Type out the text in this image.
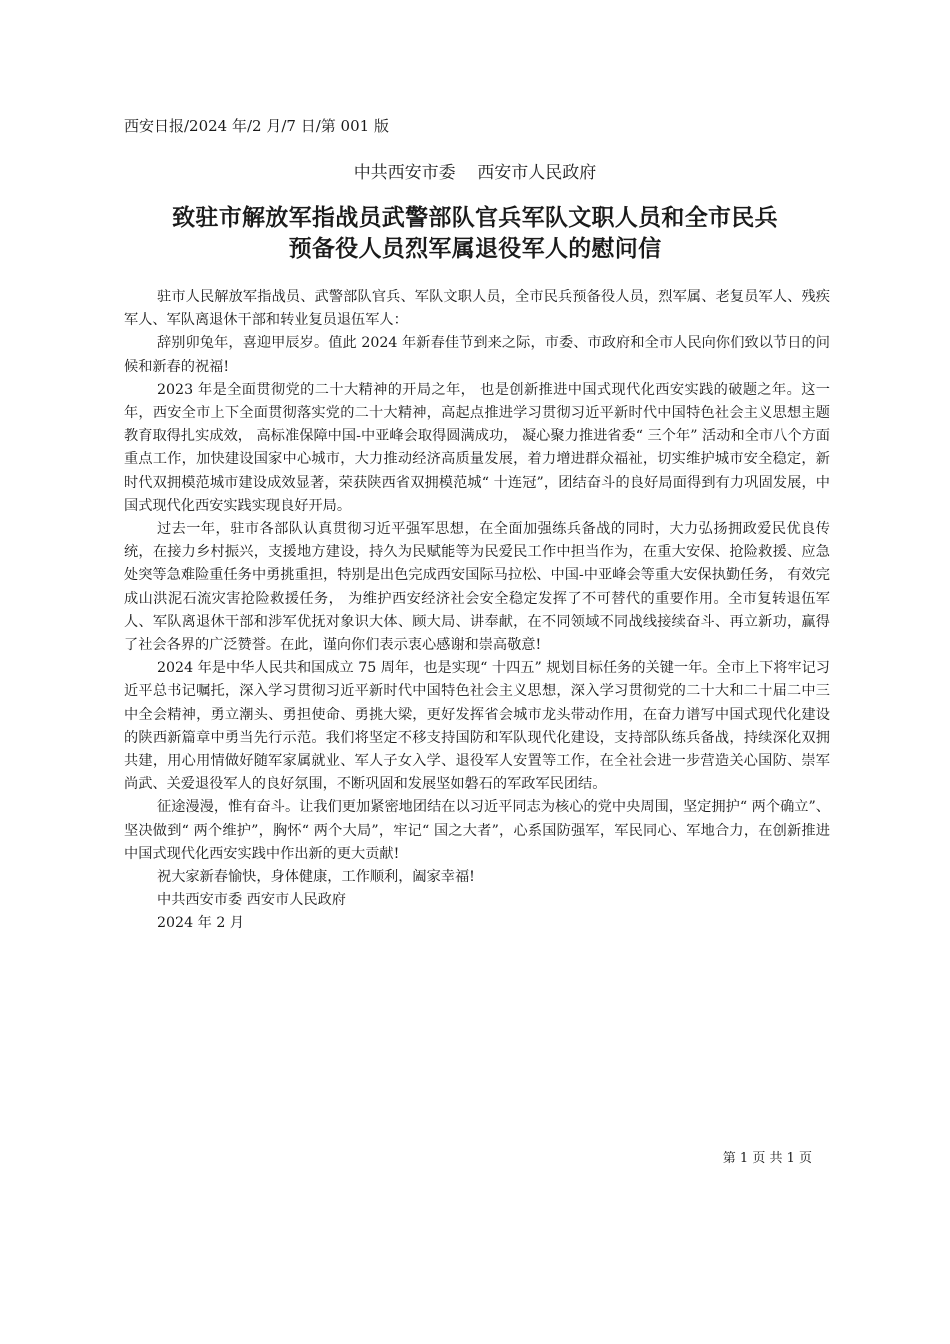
西安日报/2024 年/2 月/7 日/第 001 版
中共西安市委    西安市人民政府
致驻市解放军指战员武警部队官兵军队文职人员和全市民兵
预备役人员烈军属退役军人的慰问信

驻市人民解放军指战员、武警部队官兵、军队文职人员，全市民兵预备役人员，烈军属、老复员军人、残疾军人、军队离退休干部和转业复员退伍军人：

辞别卯兔年，喜迎甲辰岁。值此 2024 年新春佳节到来之际，市委、市政府和全市人民向你们致以节日的问候和新春的祝福!

2023 年是全面贯彻党的二十大精神的开局之年， 也是创新推进中国式现代化西安实践的破题之年。这一年，西安全市上下全面贯彻落实党的二十大精神，高起点推进学习贯彻习近平新时代中国特色社会主义思想主题教育取得扎实成效， 高标准保障中国-中亚峰会取得圆满成功， 凝心聚力推进省委“ 三个年” 活动和全市八个方面重点工作，加快建设国家中心城市，大力推动经济高质量发展，着力增进群众福祉，切实维护城市安全稳定，新时代双拥模范城市建设成效显著，荣获陕西省双拥模范城“ 十连冠”，团结奋斗的良好局面得到有力巩固发展，中国式现代化西安实践实现良好开局。

过去一年，驻市各部队认真贯彻习近平强军思想，在全面加强练兵备战的同时，大力弘扬拥政爱民优良传统，在接力乡村振兴，支援地方建设，持久为民赋能等为民爱民工作中担当作为，在重大安保、抢险救援、应急处突等急难险重任务中勇挑重担，特别是出色完成西安国际马拉松、中国-中亚峰会等重大安保执勤任务， 有效完成山洪泥石流灾害抢险救援任务， 为维护西安经济社会安全稳定发挥了不可替代的重要作用。全市复转退伍军人、军队离退休干部和涉军优抚对象识大体、顾大局、讲奉献，在不同领域不同战线接续奋斗、再立新功，赢得了社会各界的广泛赞誉。在此，谨向你们表示衷心感谢和崇高敬意!

2024 年是中华人民共和国成立 75 周年，也是实现“ 十四五” 规划目标任务的关键一年。全市上下将牢记习近平总书记嘱托，深入学习贯彻习近平新时代中国特色社会主义思想，深入学习贯彻党的二十大和二十届二中三中全会精神，勇立潮头、勇担使命、勇挑大梁，更好发挥省会城市龙头带动作用，在奋力谱写中国式现代化建设的陕西新篇章中勇当先行示范。我们将坚定不移支持国防和军队现代化建设，支持部队练兵备战，持续深化双拥共建，用心用情做好随军家属就业、军人子女入学、退役军人安置等工作，在全社会进一步营造关心国防、崇军尚武、关爱退役军人的良好氛围，不断巩固和发展坚如磐石的军政军民团结。

征途漫漫，惟有奋斗。让我们更加紧密地团结在以习近平同志为核心的党中央周围，坚定拥护“ 两个确立”、坚决做到“ 两个维护”，胸怀“ 两个大局”，牢记“ 国之大者”，心系国防强军，军民同心、军地合力，在创新推进中国式现代化西安实践中作出新的更大贡献!

祝大家新春愉快，身体健康，工作顺利，阖家幸福!

中共西安市委 西安市人民政府

2024 年 2 月

第 1 页 共 1 页
